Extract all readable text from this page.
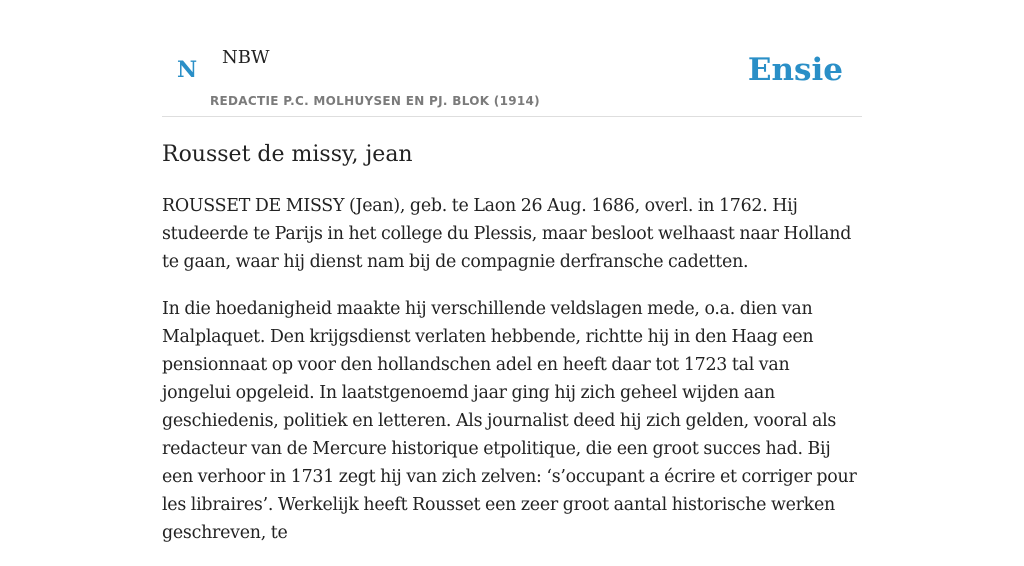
N NBW
REDACTIE P.C. MOLHUYSEN EN PJ. BLOK (1914)
Ensie
Rousset de missy, jean

ROUSSET DE MISSY (Jean), geb. te Laon 26 Aug. 1686, overl. in 1762. Hij studeerde te Parijs in het college du Plessis, maar besloot welhaast naar Holland te gaan, waar hij dienst nam bij de compagnie derfransche cadetten.

In die hoedanigheid maakte hij verschillende veldslagen mede, o.a. dien van Malplaquet. Den krijgsdienst verlaten hebbende, richtte hij in den Haag een pensionnaat op voor den hollandschen adel en heeft daar tot 1723 tal van jongelui opgeleid. In laatstgenoemd jaar ging hij zich geheel wijden aan geschiedenis, politiek en letteren. Als journalist deed hij zich gelden, vooral als redacteur van de Mercure historique etpolitique, die een groot succes had. Bij een verhoor in 1731 zegt hij van zich zelven: ‘s’occupant a écrire et corriger pour les libraires’. Werkelijk heeft Rousset een zeer groot aantal historische werken geschreven, te
